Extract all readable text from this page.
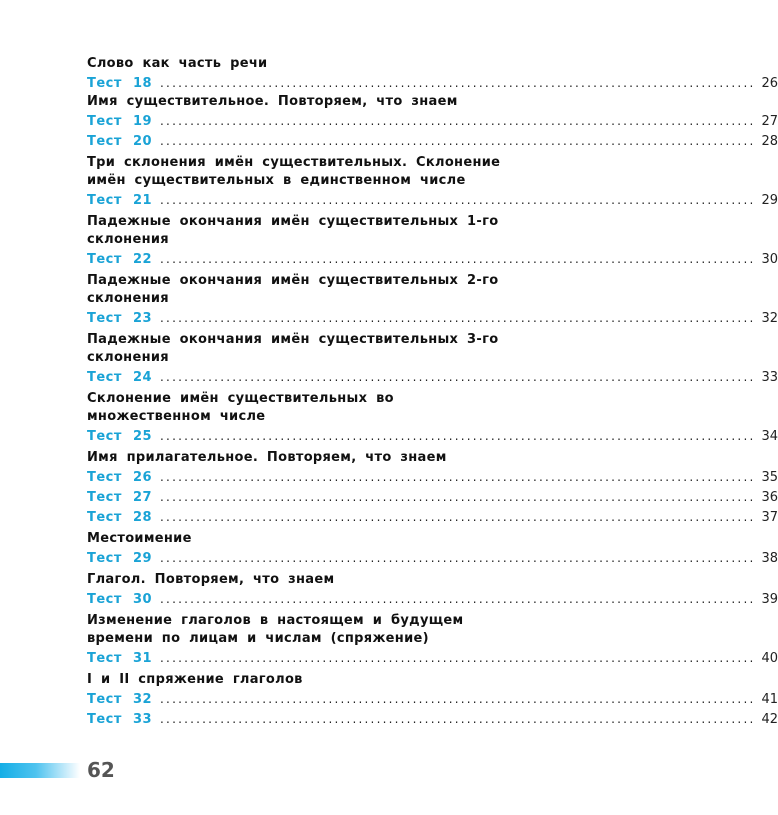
Слово как часть речи
Тест 18 ................................................................................................... 26
Имя существительное. Повторяем, что знаем
Тест 19 ................................................................................................... 27
Тест 20 ................................................................................................... 28
Три склонения имён существительных. Склонение имён существительных в единственном числе
Тест 21 ................................................................................................... 29
Падежные окончания имён существительных 1-го склонения
Тест 22 ................................................................................................... 30
Падежные окончания имён существительных 2-го склонения
Тест 23 ................................................................................................... 32
Падежные окончания имён существительных 3-го склонения
Тест 24 ................................................................................................... 33
Склонение имён существительных во множественном числе
Тест 25 ................................................................................................... 34
Имя прилагательное. Повторяем, что знаем
Тест 26 ................................................................................................... 35
Тест 27 ................................................................................................... 36
Тест 28 ................................................................................................... 37
Местоимение
Тест 29 ................................................................................................... 38
Глагол. Повторяем, что знаем
Тест 30 ................................................................................................... 39
Изменение глаголов в настоящем и будущем времени по лицам и числам (спряжение)
Тест 31 ................................................................................................... 40
I и II спряжение глаголов
Тест 32 ................................................................................................... 41
Тест 33 ................................................................................................... 42
62
